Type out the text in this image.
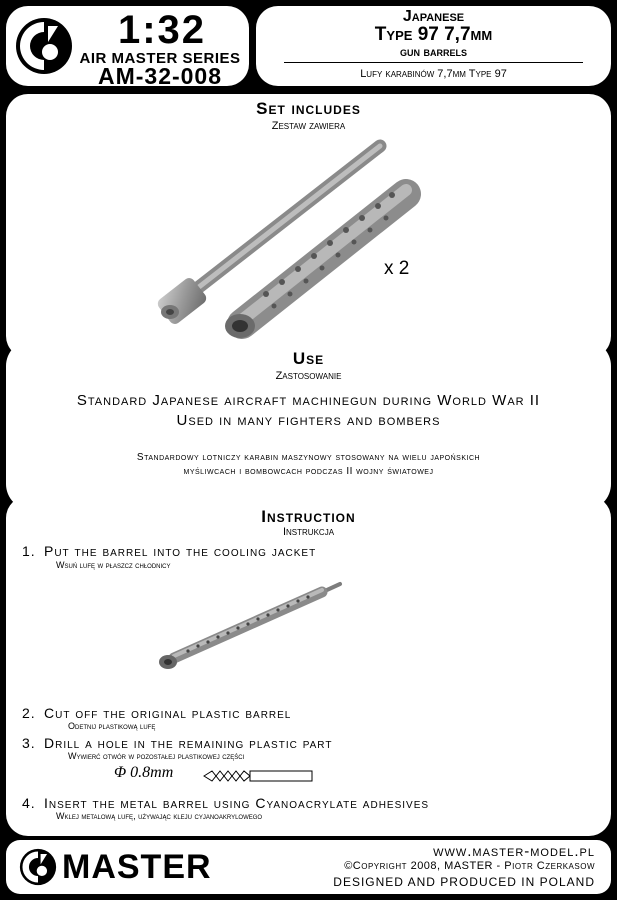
1:32
AIR MASTER SERIES
AM-32-008
Japanese
Type 97 7,7mm
gun barrels
Lufy karabinów 7,7mm Type 97
Set includes
Zestaw zawiera
x 2
Use
Zastosowanie
Standard Japanese aircraft machinegun during World War II
Used in many fighters and bombers
Standardowy lotniczy karabin maszynowy stosowany na wielu japońskich
myśliwcach i bombowcach podczas II wojny światowej
Instruction
Instrukcja
1. Put the barrel into the cooling jacket
Wsuń lufę w płaszcz chłodnicy
2. Cut off the original plastic barrel
Odetnij plastikową lufę
3. Drill a hole in the remaining plastic part
Wywierć otwór w pozostałej plastikowej części
Φ 0.8mm
4. Insert the metal barrel using Cyanoacrylate adhesives
Wklej metalową lufę, używając kleju cyjanoakrylowego
MASTER	www.master-model.pl
©Copyright 2008, MASTER - Piotr Czerkasow
DESIGNED AND PRODUCED IN POLAND
